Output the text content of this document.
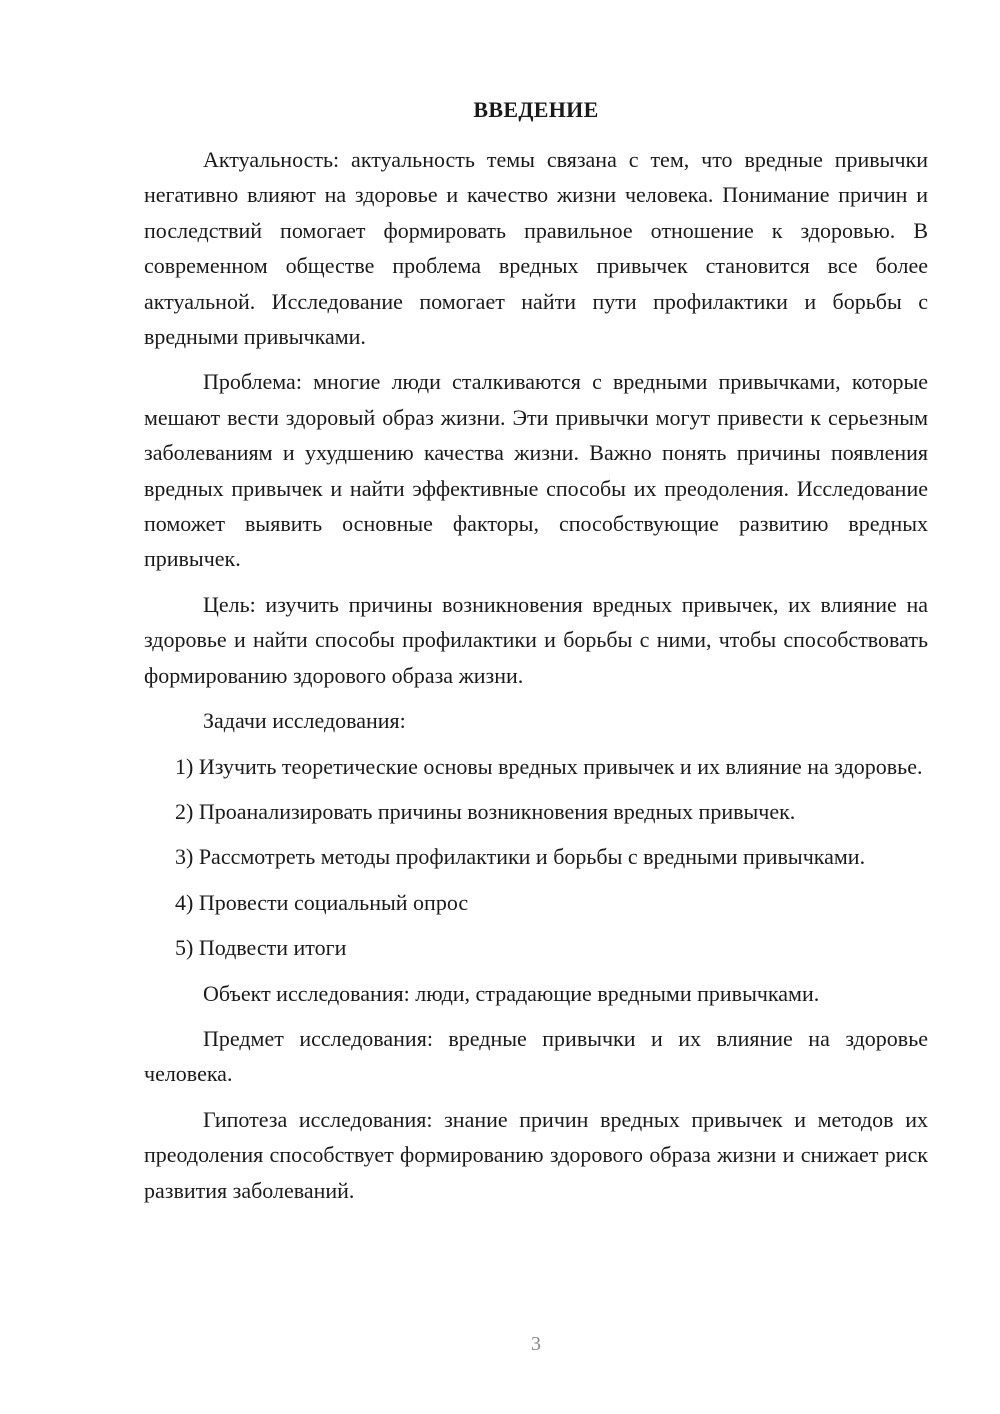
ВВЕДЕНИЕ

Актуальность: актуальность темы связана с тем, что вредные привычки негативно влияют на здоровье и качество жизни человека. Понимание причин и последствий помогает формировать правильное отношение к здоровью. В современном обществе проблема вредных привычек становится все более актуальной. Исследование помогает найти пути профилактики и борьбы с вредными привычками.

Проблема: многие люди сталкиваются с вредными привычками, которые мешают вести здоровый образ жизни. Эти привычки могут привести к серьезным заболеваниям и ухудшению качества жизни. Важно понять причины появления вредных привычек и найти эффективные способы их преодоления. Исследование поможет выявить основные факторы, способствующие развитию вредных привычек.

Цель: изучить причины возникновения вредных привычек, их влияние на здоровье и найти способы профилактики и борьбы с ними, чтобы способствовать формированию здорового образа жизни.

Задачи исследования:

1) Изучить теоретические основы вредных привычек и их влияние на здоровье.

2) Проанализировать причины возникновения вредных привычек.

3) Рассмотреть методы профилактики и борьбы с вредными привычками.

4) Провести социальный опрос

5) Подвести итоги

Объект исследования: люди, страдающие вредными привычками.

Предмет исследования: вредные привычки и их влияние на здоровье человека.

Гипотеза исследования: знание причин вредных привычек и методов их преодоления способствует формированию здорового образа жизни и снижает риск развития заболеваний.

3
